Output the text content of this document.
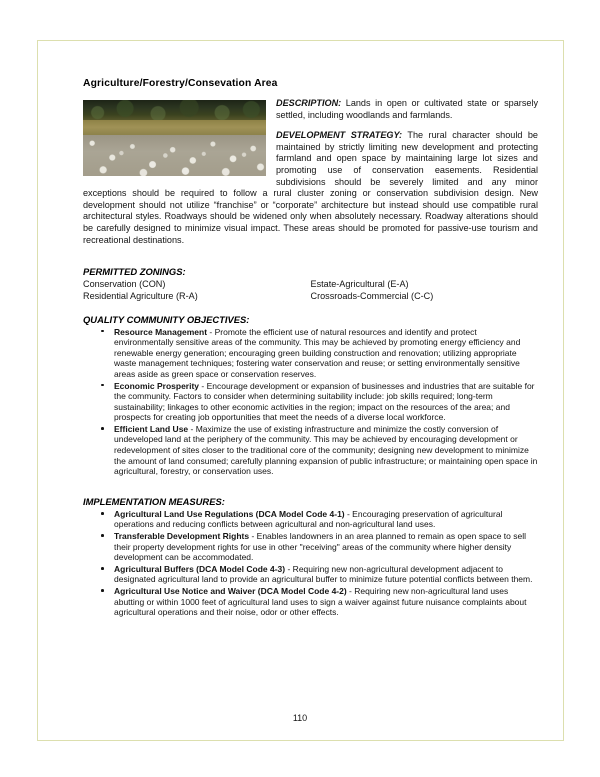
Agriculture/Forestry/Consevation Area

DESCRIPTION: Lands in open or cultivated state or sparsely settled, including woodlands and farmlands.

DEVELOPMENT STRATEGY: The rural character should be maintained by strictly limiting new development and protecting farmland and open space by maintaining large lot sizes and promoting use of conservation easements. Residential subdivisions should be severely limited and any minor exceptions should be required to follow a rural cluster zoning or conservation subdivision design. New development should not utilize “franchise” or “corporate” architecture but instead should use compatible rural architectural styles. Roadways should be widened only when absolutely necessary. Roadway alterations should be carefully designed to minimize visual impact. These areas should be promoted for passive-use tourism and recreational destinations.

PERMITTED ZONINGS:
Conservation (CON)
Residential Agriculture (R-A)
Estate-Agricultural (E-A)
Crossroads-Commercial (C-C)
QUALITY COMMUNITY OBJECTIVES:
Resource Management - Promote the efficient use of natural resources and identify and protect environmentally sensitive areas of the community. This may be achieved by promoting energy efficiency and renewable energy generation; encouraging green building construction and renovation; utilizing appropriate waste management techniques; fostering water conservation and reuse; or setting environmentally sensitive areas aside as green space or conservation reserves.
Economic Prosperity - Encourage development or expansion of businesses and industries that are suitable for the community. Factors to consider when determining suitability include: job skills required; long-term sustainability; linkages to other economic activities in the region; impact on the resources of the area; and prospects for creating job opportunities that meet the needs of a diverse local workforce.
Efficient Land Use - Maximize the use of existing infrastructure and minimize the costly conversion of undeveloped land at the periphery of the community. This may be achieved by encouraging development or redevelopment of sites closer to the traditional core of the community; designing new development to minimize the amount of land consumed; carefully planning expansion of public infrastructure; or maintaining open space in agricultural, forestry, or conservation uses.
IMPLEMENTATION MEASURES:
Agricultural Land Use Regulations (DCA Model Code 4-1) - Encouraging preservation of agricultural operations and reducing conflicts between agricultural and non-agricultural land uses.
Transferable Development Rights - Enables landowners in an area planned to remain as open space to sell their property development rights for use in other "receiving" areas of the community where higher density development can be accommodated.
Agricultural Buffers (DCA Model Code 4-3) - Requiring new non-agricultural development adjacent to designated agricultural land to provide an agricultural buffer to minimize future potential conflicts between them.
Agricultural Use Notice and Waiver (DCA Model Code 4-2) - Requiring new non-agricultural land uses abutting or within 1000 feet of agricultural land uses to sign a waiver against future nuisance complaints about agricultural operations and their noise, odor or other effects.
110
